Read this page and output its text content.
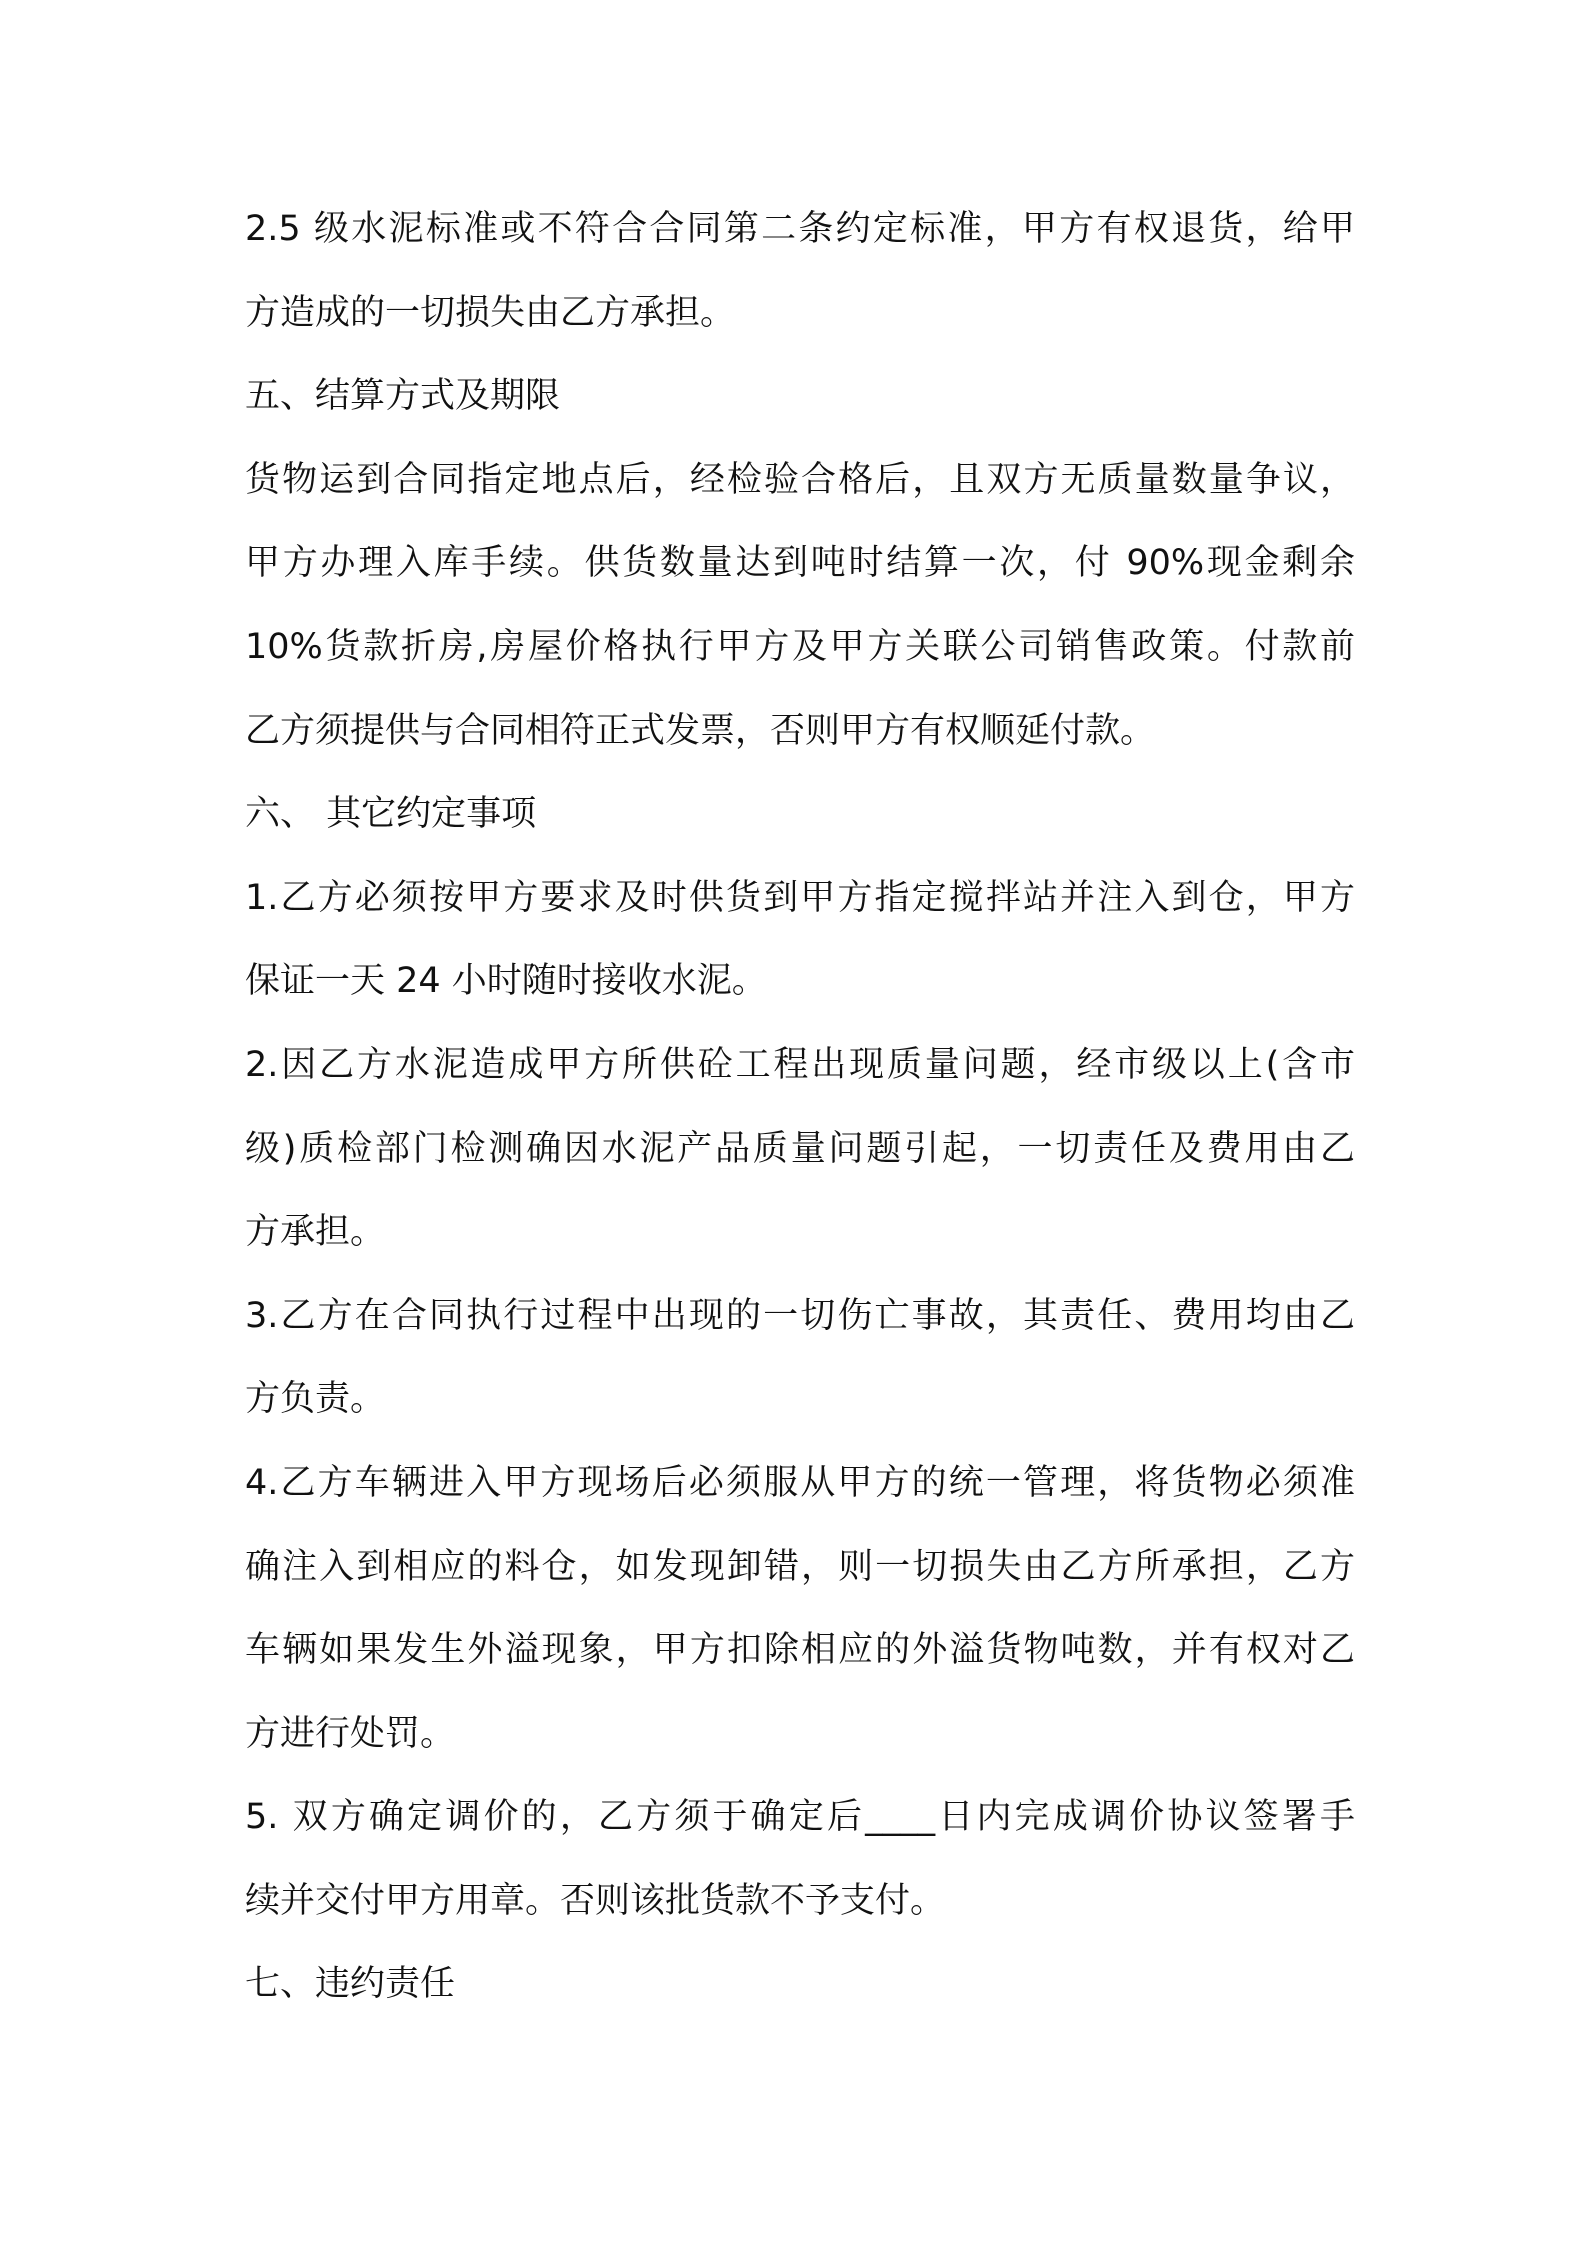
2.5 级水泥标准或不符合合同第二条约定标准，甲方有权退货，给甲
方造成的一切损失由乙方承担。
五、结算方式及期限
货物运到合同指定地点后，经检验合格后，且双方无质量数量争议，
甲方办理入库手续。供货数量达到吨时结算一次，付 90%现金剩余
10%货款折房,房屋价格执行甲方及甲方关联公司销售政策。付款前
乙方须提供与合同相符正式发票，否则甲方有权顺延付款。
六、 其它约定事项
1.乙方必须按甲方要求及时供货到甲方指定搅拌站并注入到仓，甲方
保证一天 24 小时随时接收水泥。
2.因乙方水泥造成甲方所供砼工程出现质量问题，经市级以上(含市
级)质检部门检测确因水泥产品质量问题引起，一切责任及费用由乙
方承担。
3.乙方在合同执行过程中出现的一切伤亡事故，其责任、费用均由乙
方负责。
4.乙方车辆进入甲方现场后必须服从甲方的统一管理，将货物必须准
确注入到相应的料仓，如发现卸错，则一切损失由乙方所承担，乙方
车辆如果发生外溢现象，甲方扣除相应的外溢货物吨数，并有权对乙
方进行处罚。
5. 双方确定调价的，乙方须于确定后____日内完成调价协议签署手
续并交付甲方用章。否则该批货款不予支付。
七、违约责任
